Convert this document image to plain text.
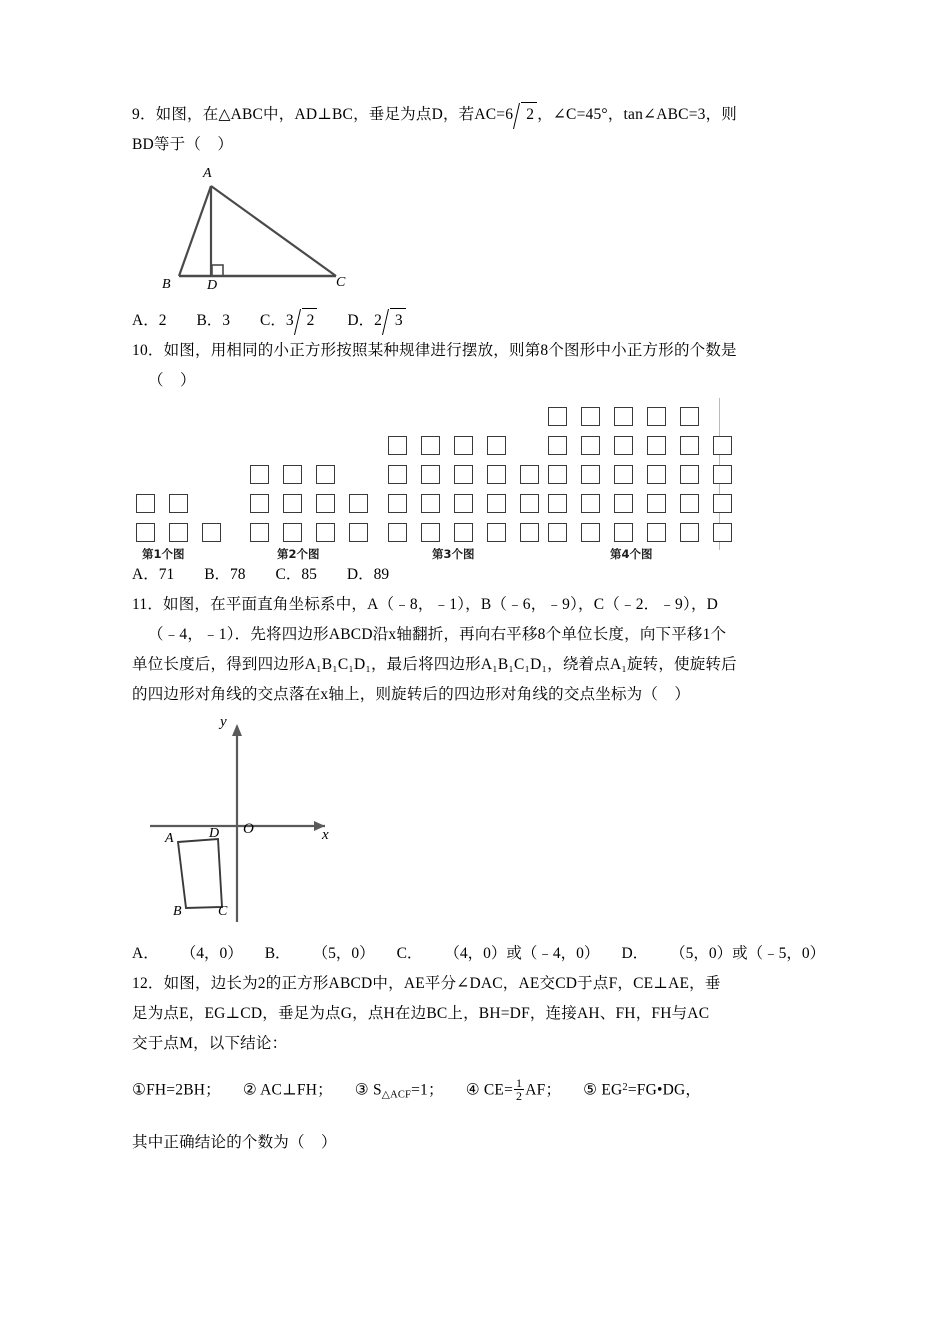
9．如图，在△ABC中，AD⊥BC，垂足为点D，若AC=6 2 ，∠C=45°，tan∠ABC=3，则
BD等于（    ）
A
B	C
D
A．2 B．3 C．3 2 D．2 3
10．如图，用相同的小正方形按照某种规律进行摆放，则第8个图形中小正方形的个数是
（    ）
第1个图	第2个图	第3个图	第4个图
A．71 B．78 C．85 D．89
11．如图，在平面直角坐标系中，A（﹣8，﹣1），B（﹣6，﹣9），C（﹣2．﹣9），D
（﹣4，﹣1）．先将四边形ABCD沿x轴翻折，再向右平移8个单位长度，向下平移1个
单位长度后，得到四边形A₁B₁C₁D₁，最后将四边形A₁B₁C₁D₁，绕着点A₁旋转，使旋转后
的四边形对角线的交点落在x轴上，则旋转后的四边形对角线的交点坐标为（    ）
x
y
O
A
B	C
D
A． （4，0） B． （5，0） C． （4，0）或（﹣4，0） D． （5，0）或（﹣5，0）
12．如图，边长为2的正方形ABCD中，AE平分∠DAC，AE交CD于点F，CE⊥AE，垂
足为点E，EG⊥CD，垂足为点G，点H在边BC上，BH=DF，连接AH、FH，FH与AC
交于点M，以下结论：
①FH=2BH； ② AC⊥FH； ③ $S_{\triangle ACF}=1$； ④ $CE= \frac{1}{2}$ AF； ⑤ $EG^2=FG•DG$，
其中正确结论的个数为（    ）
